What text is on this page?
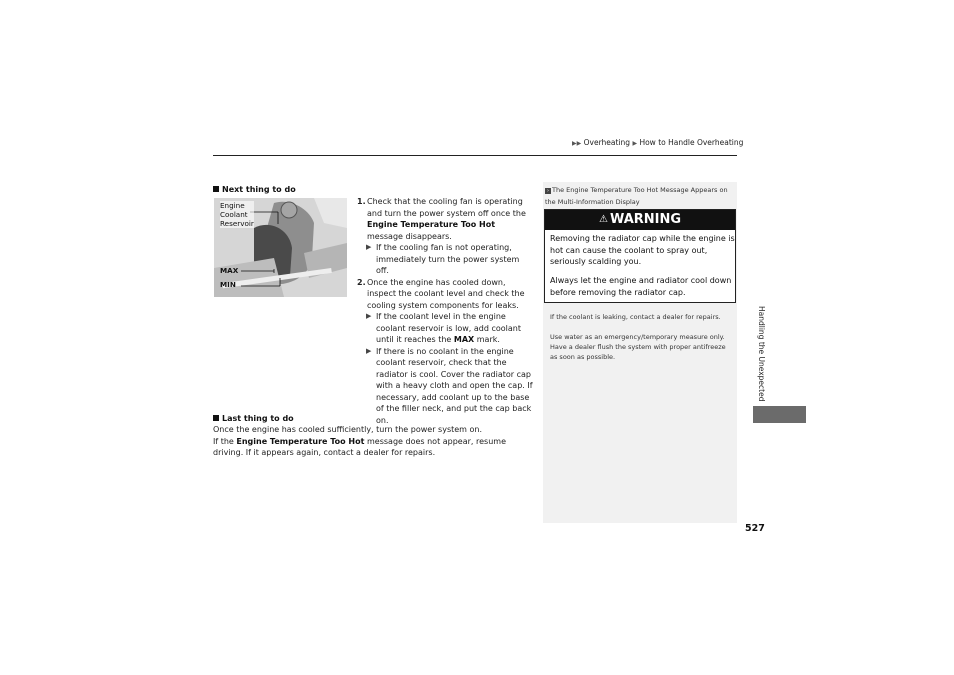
▶▶ Overheating ▶ How to Handle Overheating
Handling the Unexpected
527
Next thing to do
Engine
Coolant
Reservoir
MAX
MIN
1. Check that the cooling fan is operating and turn the power system off once the Engine Temperature Too Hot message disappears.
▶ If the cooling fan is not operating, immediately turn the power system off.
2. Once the engine has cooled down, inspect the coolant level and check the cooling system components for leaks.
▶ If the coolant level in the engine coolant reservoir is low, add coolant until it reaches the MAX mark.
▶ If there is no coolant in the engine coolant reservoir, check that the radiator is cool. Cover the radiator cap with a heavy cloth and open the cap. If necessary, add coolant up to the base of the filler neck, and put the cap back on.
Last thing to do
Once the engine has cooled sufficiently, turn the power system on.
If the Engine Temperature Too Hot message does not appear, resume driving. If it appears again, contact a dealer for repairs.
› The Engine Temperature Too Hot Message Appears on the Multi-Information Display
⚠ WARNING
Removing the radiator cap while the engine is hot can cause the coolant to spray out, seriously scalding you.
Always let the engine and radiator cool down before removing the radiator cap.
If the coolant is leaking, contact a dealer for repairs.
Use water as an emergency/temporary measure only. Have a dealer flush the system with proper antifreeze as soon as possible.
